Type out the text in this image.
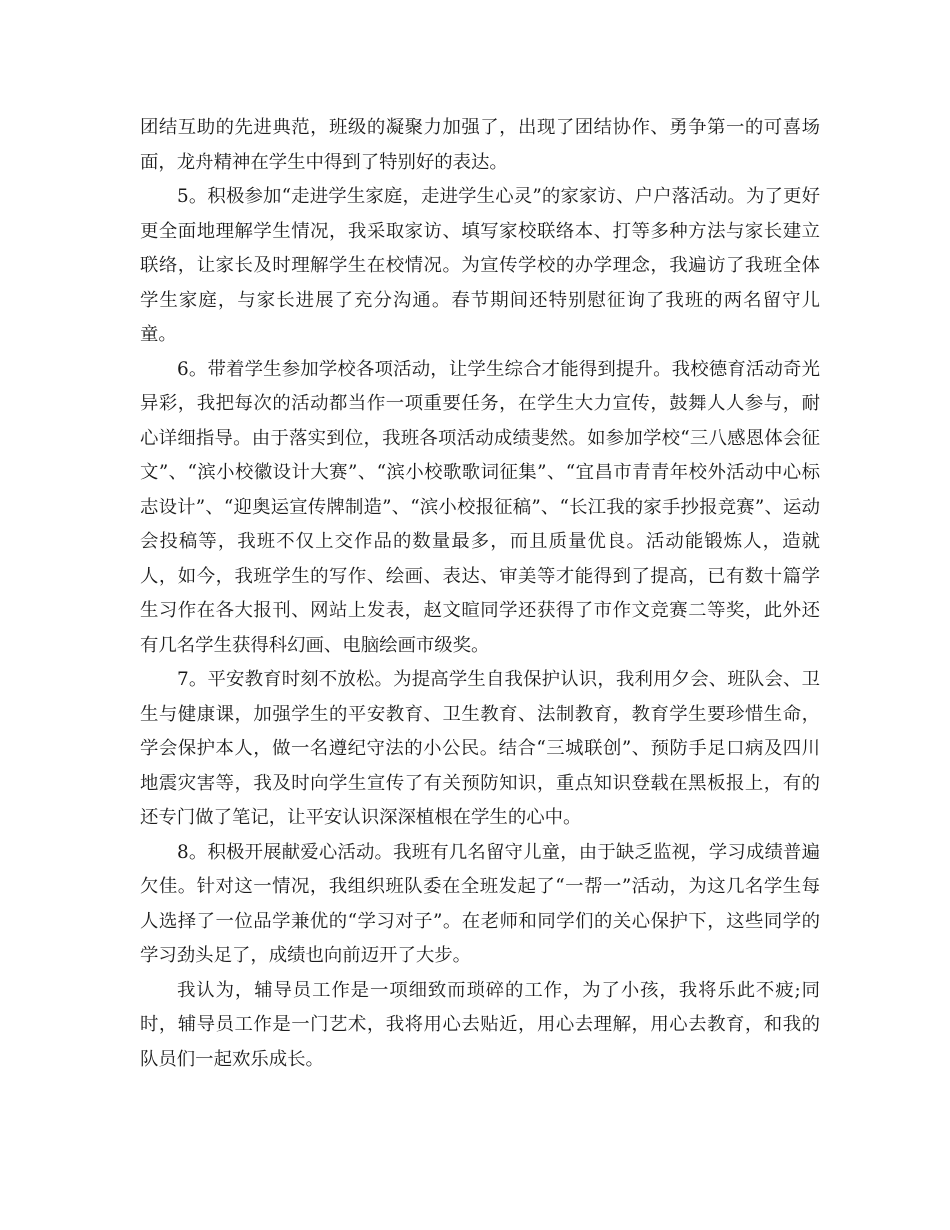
团结互助的先进典范，班级的凝聚力加强了，出现了团结协作、勇争第一的可喜场面，龙舟精神在学生中得到了特别好的表达。

5。积极参加“走进学生家庭，走进学生心灵”的家家访、户户落活动。为了更好更全面地理解学生情况，我采取家访、填写家校联络本、打等多种方法与家长建立联络，让家长及时理解学生在校情况。为宣传学校的办学理念，我遍访了我班全体学生家庭，与家长进展了充分沟通。春节期间还特别慰征询了我班的两名留守儿童。

6。带着学生参加学校各项活动，让学生综合才能得到提升。我校德育活动奇光异彩，我把每次的活动都当作一项重要任务，在学生大力宣传，鼓舞人人参与，耐心详细指导。由于落实到位，我班各项活动成绩斐然。如参加学校“三八感恩体会征文”、“滨小校徽设计大赛”、“滨小校歌歌词征集”、“宜昌市青青年校外活动中心标志设计”、“迎奥运宣传牌制造”、“滨小校报征稿”、“长江我的家手抄报竞赛”、运动会投稿等，我班不仅上交作品的数量最多，而且质量优良。活动能锻炼人，造就人，如今，我班学生的写作、绘画、表达、审美等才能得到了提高，已有数十篇学生习作在各大报刊、网站上发表，赵文暄同学还获得了市作文竞赛二等奖，此外还有几名学生获得科幻画、电脑绘画市级奖。

7。平安教育时刻不放松。为提高学生自我保护认识，我利用夕会、班队会、卫生与健康课，加强学生的平安教育、卫生教育、法制教育，教育学生要珍惜生命，学会保护本人，做一名遵纪守法的小公民。结合“三城联创”、预防手足口病及四川地震灾害等，我及时向学生宣传了有关预防知识，重点知识登载在黑板报上，有的还专门做了笔记，让平安认识深深植根在学生的心中。

8。积极开展献爱心活动。我班有几名留守儿童，由于缺乏监视，学习成绩普遍欠佳。针对这一情况，我组织班队委在全班发起了“一帮一”活动，为这几名学生每人选择了一位品学兼优的“学习对子”。在老师和同学们的关心保护下，这些同学的学习劲头足了，成绩也向前迈开了大步。

我认为，辅导员工作是一项细致而琐碎的工作，为了小孩，我将乐此不疲;同时，辅导员工作是一门艺术，我将用心去贴近，用心去理解，用心去教育，和我的队员们一起欢乐成长。
